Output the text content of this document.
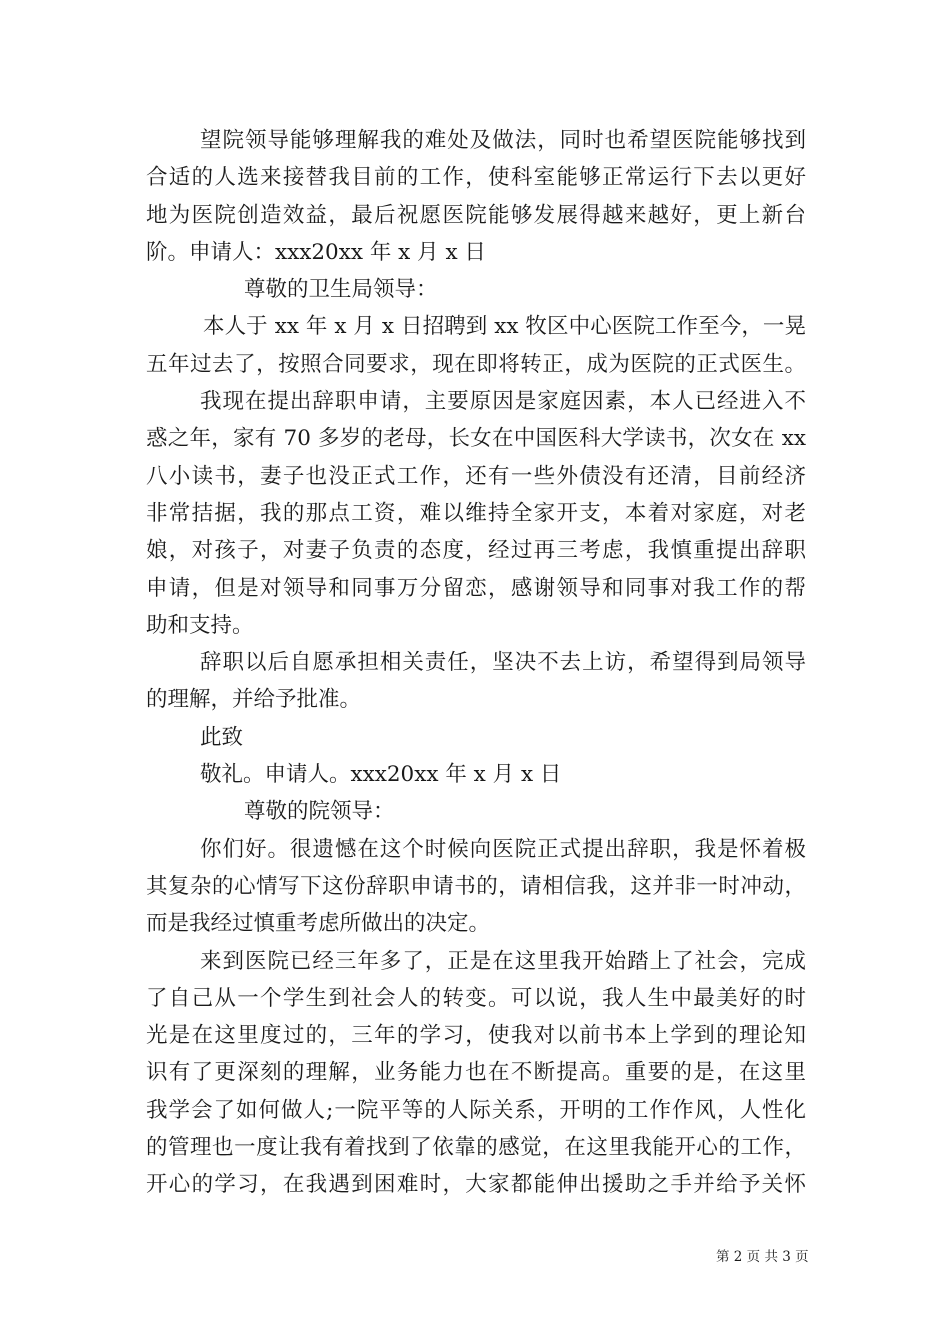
望院领导能够理解我的难处及做法，同时也希望医院能够找到
合适的人选来接替我目前的工作，使科室能够正常运行下去以更好
地为医院创造效益，最后祝愿医院能够发展得越来越好，更上新台
阶。申请人：xxx20xx 年 x 月 x 日
尊敬的卫生局领导：
本人于 xx 年 x 月 x 日招聘到 xx 牧区中心医院工作至今，一晃
五年过去了，按照合同要求，现在即将转正，成为医院的正式医生。
我现在提出辞职申请，主要原因是家庭因素，本人已经进入不
惑之年，家有 70 多岁的老母，长女在中国医科大学读书，次女在 xx
八小读书，妻子也没正式工作，还有一些外债没有还清，目前经济
非常拮据，我的那点工资，难以维持全家开支，本着对家庭，对老
娘，对孩子，对妻子负责的态度，经过再三考虑，我慎重提出辞职
申请，但是对领导和同事万分留恋，感谢领导和同事对我工作的帮
助和支持。
辞职以后自愿承担相关责任，坚决不去上访，希望得到局领导
的理解，并给予批准。
此致
敬礼。申请人。xxx20xx 年 x 月 x 日
尊敬的院领导：
你们好。很遗憾在这个时候向医院正式提出辞职，我是怀着极
其复杂的心情写下这份辞职申请书的，请相信我，这并非一时冲动，
而是我经过慎重考虑所做出的决定。
来到医院已经三年多了，正是在这里我开始踏上了社会，完成
了自己从一个学生到社会人的转变。可以说，我人生中最美好的时
光是在这里度过的，三年的学习，使我对以前书本上学到的理论知
识有了更深刻的理解，业务能力也在不断提高。重要的是，在这里
我学会了如何做人;一院平等的人际关系，开明的工作作风，人性化
的管理也一度让我有着找到了依靠的感觉，在这里我能开心的工作，
开心的学习，在我遇到困难时，大家都能伸出援助之手并给予关怀
第 2 页 共 3 页
